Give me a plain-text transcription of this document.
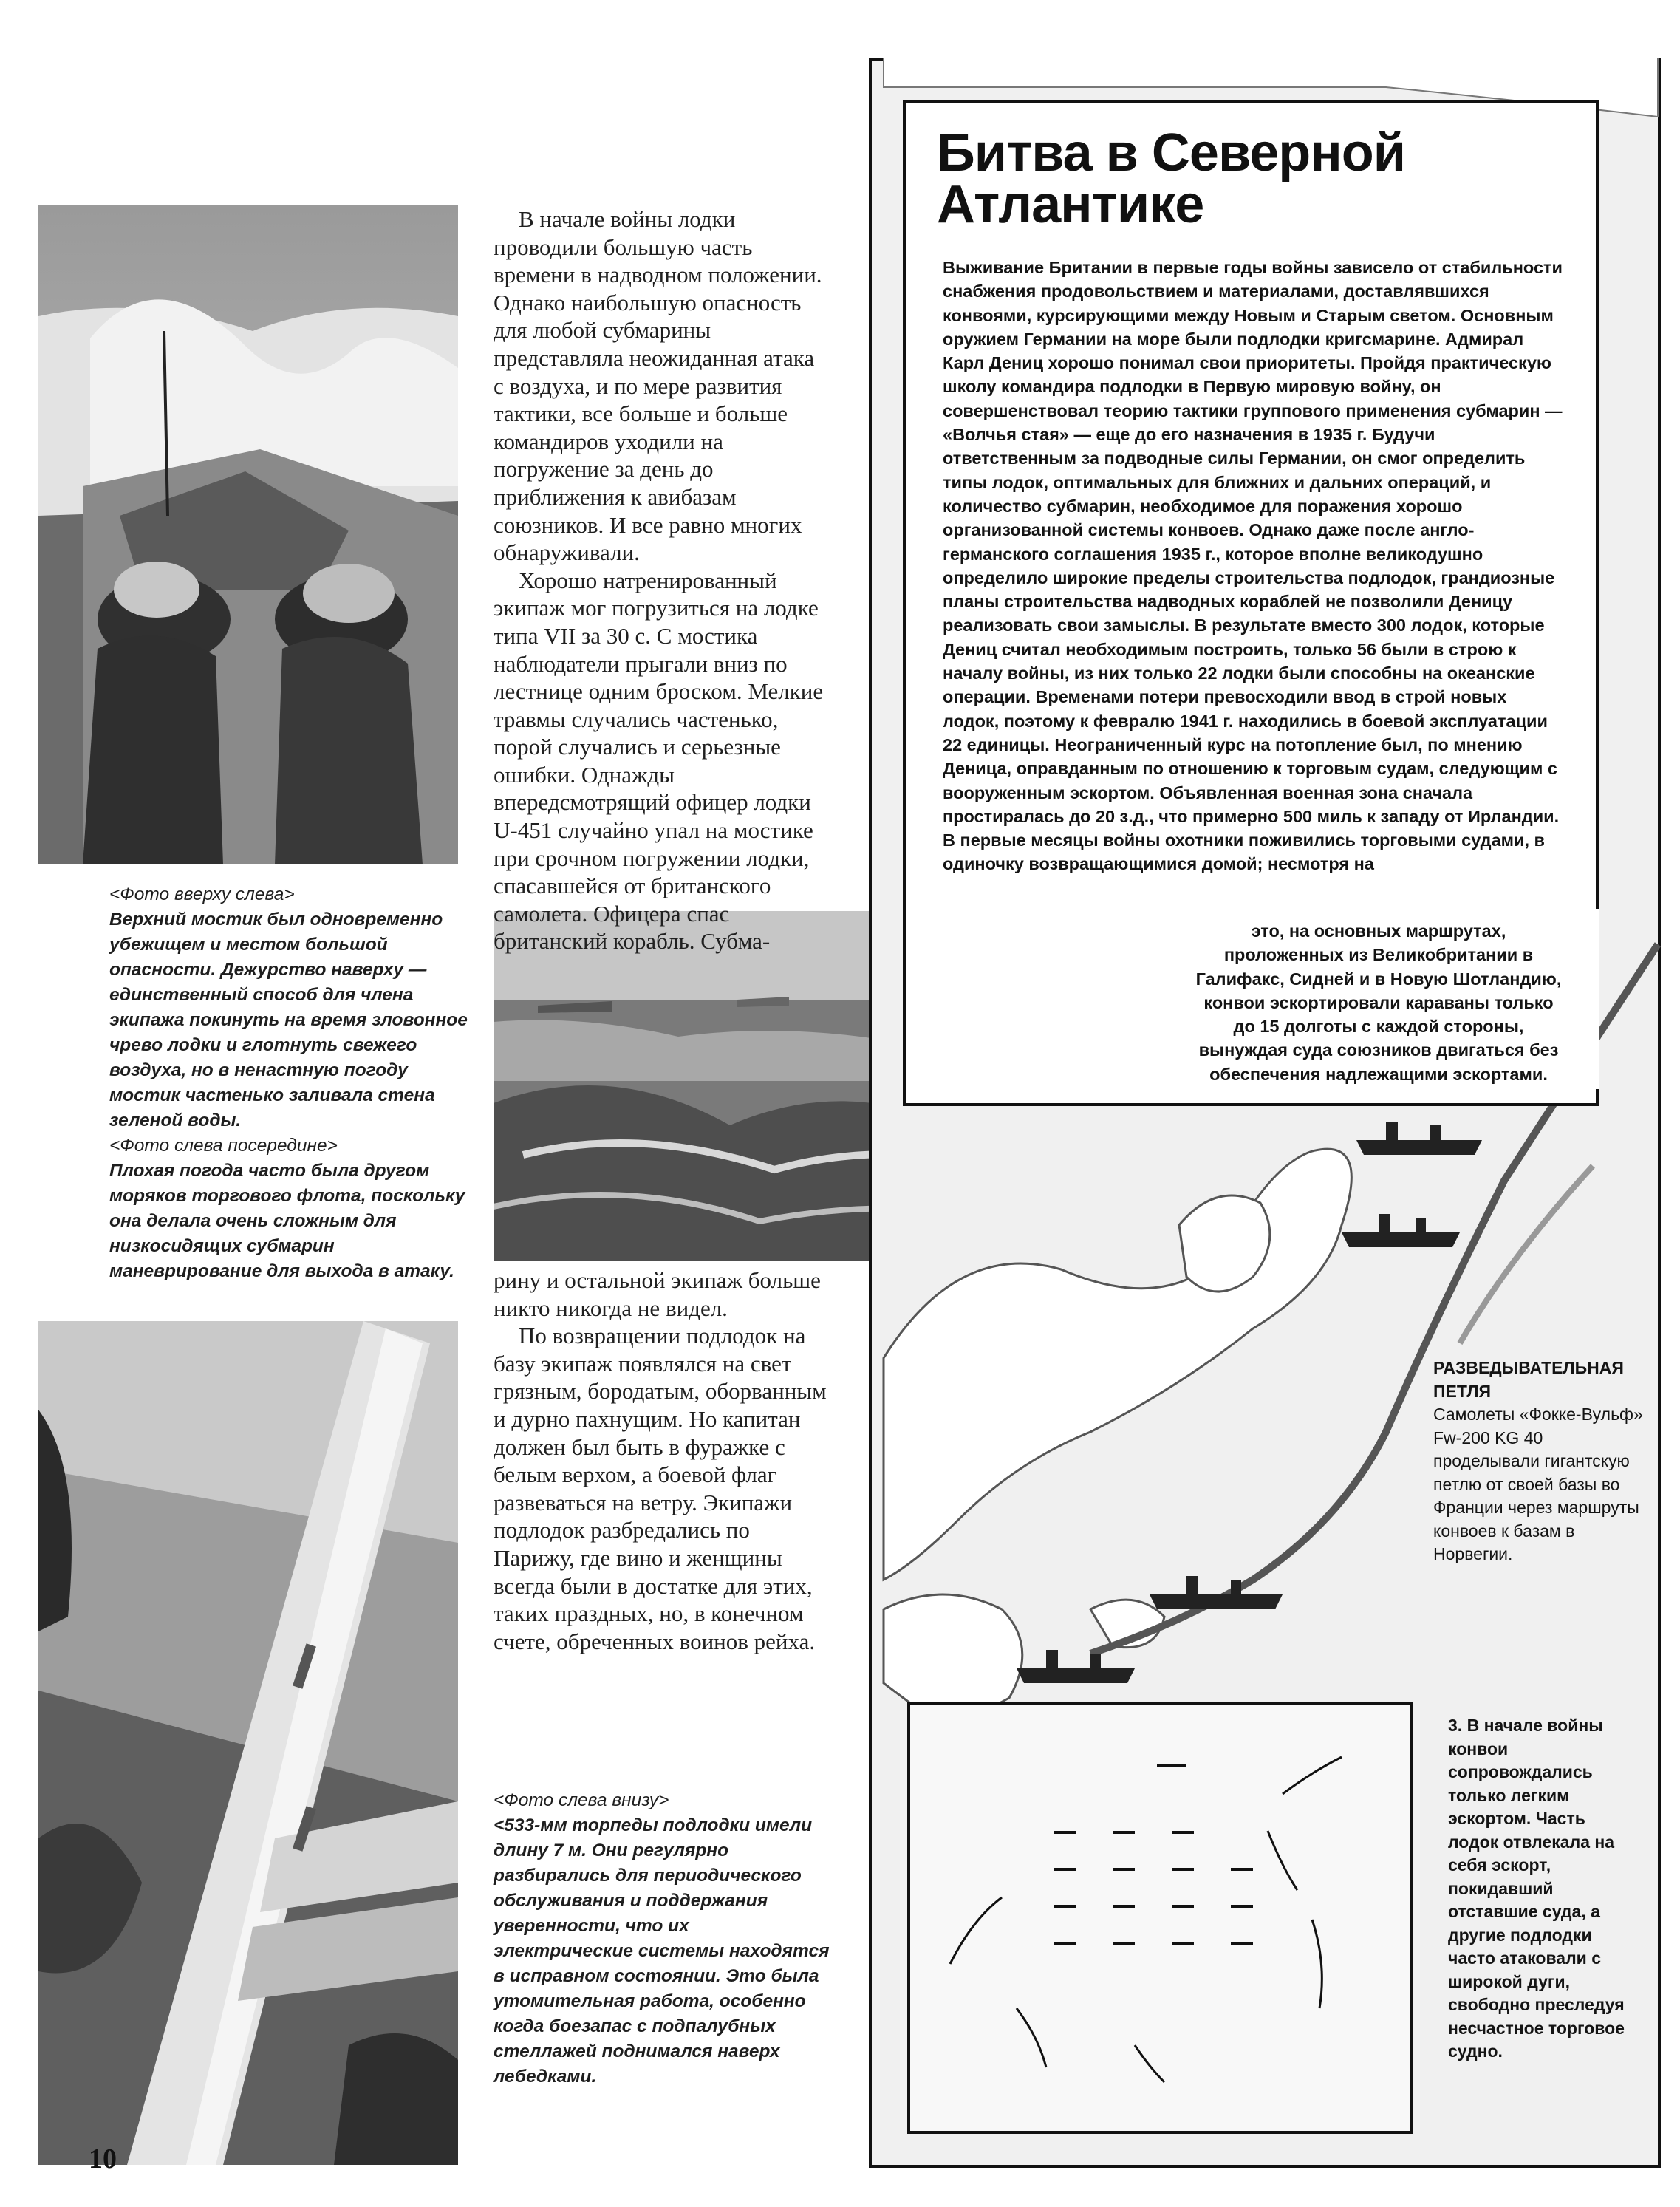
В начале войны лодки проводили большую часть времени в надводном положении. Однако наибольшую опасность для любой субмарины представляла неожиданная атака с воздуха, и по мере развития тактики, все больше и больше командиров уходили на погружение за день до приближения к авибазам союзников. И все равно многих обнаруживали.

Хорошо натренированный экипаж мог погрузиться на лодке типа VII за 30 с. С мостика наблюдатели прыгали вниз по лестнице одним броском. Мелкие травмы случались частенько, порой случались и серьезные ошибки. Однажды впередсмотрящий офицер лодки U-451 случайно упал на мостике при срочном погружении лодки, спасавшейся от британского самолета. Офицера спас британский корабль. Субма-

рину и остальной экипаж больше никто никогда не видел.

По возвращении подлодок на базу экипаж появлялся на свет грязным, бородатым, оборванным и дурно пахнущим. Но капитан должен был быть в фуражке с белым верхом, а боевой флаг развеваться на ветру. Экипажи подлодок разбредались по Парижу, где вино и женщины всегда были в достатке для этих, таких праздных, но, в конечном счете, обреченных воинов рейха.

<Фото вверху слева>
Верхний мостик был одновременно убежищем и местом большой опасности. Дежурство наверху — единственный способ для члена экипажа покинуть на время зловонное чрево лодки и глотнуть свежего воздуха, но в ненастную погоду мостик частенько заливала стена зеленой воды.
<Фото слева посередине>
Плохая погода часто была другом моряков торгового флота, поскольку она делала очень сложным для низкосидящих субмарин маневрирование для выхода в атаку.
<Фото слева внизу>
<533-мм торпеды подлодки имели длину 7 м. Они регулярно разбирались для периодического обслуживания и поддержания уверенности, что их электрические системы находятся в исправном состоянии. Это была утомительная работа, особенно когда боезапас с подпалубных стеллажей поднимался наверх лебедками.
10
Битва в Северной
Атлантике
Выживание Британии в первые годы войны зависело от стабильности снабжения продовольствием и материалами, доставлявшихся конвоями, курсирующими между Новым и Старым светом. Основным оружием Германии на море были подлодки кригсмарине. Адмирал Карл Дениц хорошо понимал свои приоритеты. Пройдя практическую школу командира подлодки в Первую мировую войну, он совершенствовал теорию тактики группового применения субмарин — «Волчья стая» — еще до его назначения в 1935 г. Будучи ответственным за подводные силы Германии, он смог определить типы лодок, оптимальных для ближних и дальних операций, и количество субмарин, необходимое для поражения хорошо организованной системы конвоев. Однако даже после англо-германского соглашения 1935 г., которое вполне великодушно определило широкие пределы строительства подлодок, грандиозные планы строительства надводных кораблей не позволили Деницу реализовать свои замыслы. В результате вместо 300 лодок, которые Дениц считал необходимым построить, только 56 были в строю к началу войны, из них только 22 лодки были способны на океанские операции. Временами потери превосходили ввод в строй новых лодок, поэтому к февралю 1941 г. находились в боевой эксплуатации 22 единицы. Неограниченный курс на потопление был, по мнению Деница, оправданным по отношению к торговым судам, следующим с вооруженным эскортом. Объявленная военная зона сначала простиралась до 20 з.д., что примерно 500 миль к западу от Ирландии. В первые месяцы войны охотники поживились торговыми судами, в одиночку возвращающимися домой; несмотря на
это, на основных маршрутах, проложенных из Великобритании в Галифакс, Сидней и в Новую Шотландию, конвои эскортировали караваны только до 15 долготы с каждой стороны, вынуждая суда союзников двигаться без обеспечения надлежащими эскортами.
РАЗВЕДЫВАТЕЛЬНАЯ ПЕТЛЯ
Самолеты «Фокке-Вульф» Fw-200 KG 40 проделывали гигантскую петлю от своей базы во Франции через маршруты конвоев к базам в Норвегии.
3. В начале войны конвои сопровождались только легким эскортом. Часть лодок отвлекала на себя эскорт, покидавший отставшие суда, а другие подлодки часто атаковали с широкой дуги, свободно преследуя несчастное торговое судно.
